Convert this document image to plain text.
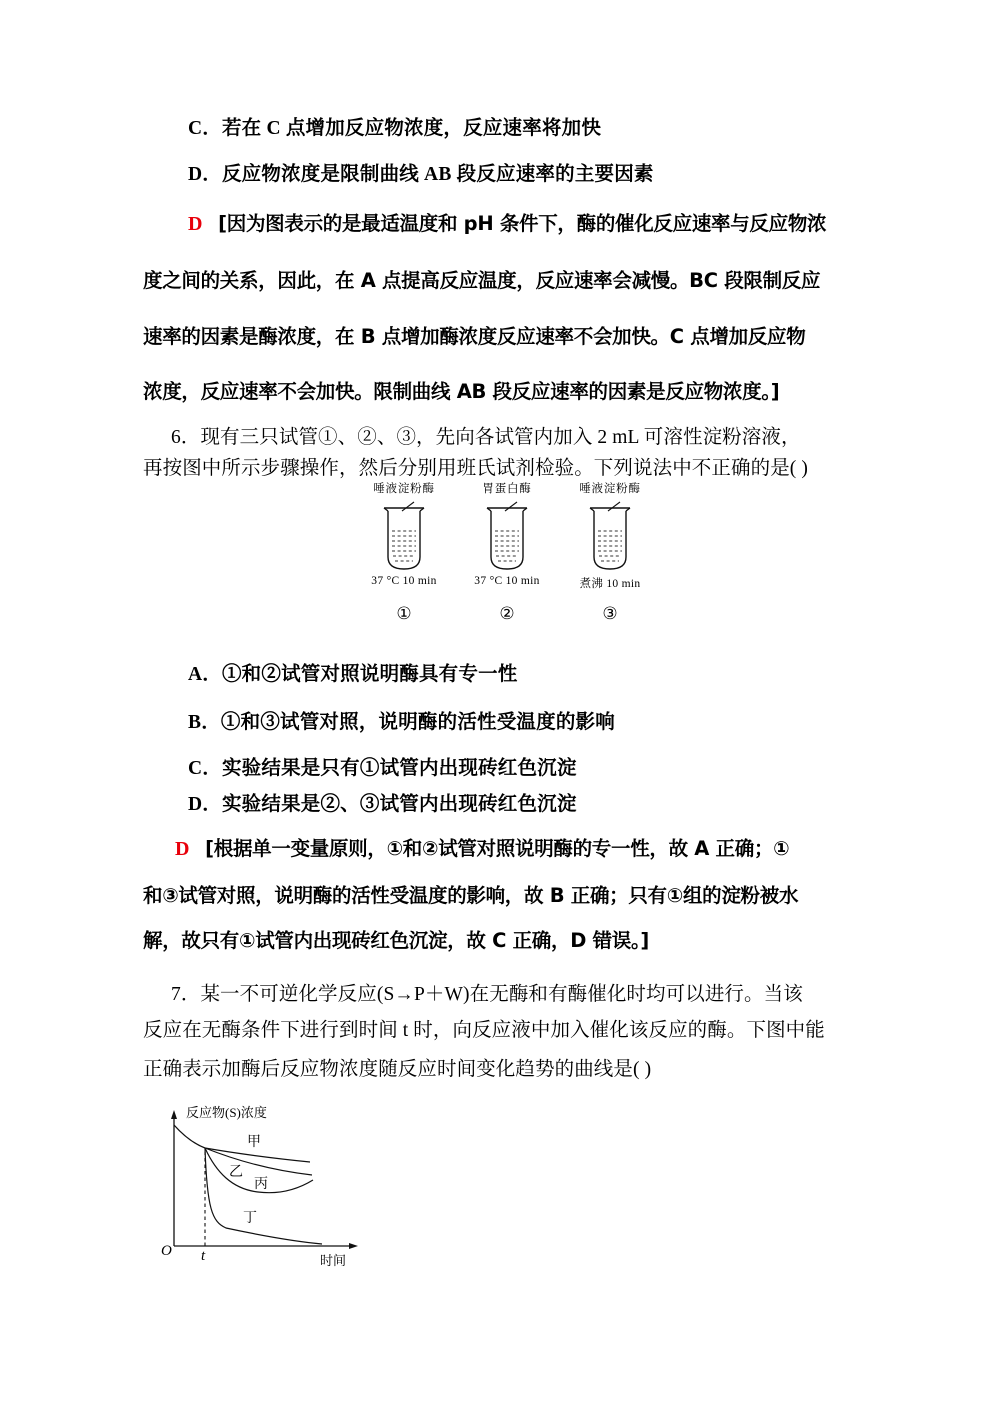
C．若在 C 点增加反应物浓度，反应速率将加快
D．反应物浓度是限制曲线 AB 段反应速率的主要因素
D [因为图表示的是最适温度和 pH 条件下，酶的催化反应速率与反应物浓
度之间的关系，因此，在 A 点提高反应温度，反应速率会减慢。BC 段限制反应
速率的因素是酶浓度，在 B 点增加酶浓度反应速率不会加快。C 点增加反应物
浓度，反应速率不会加快。限制曲线 AB 段反应速率的因素是反应物浓度。]
6．现有三只试管①、②、③，先向各试管内加入 2 mL 可溶性淀粉溶液，
再按图中所示步骤操作，然后分别用班氏试剂检验。下列说法中不正确的是( )
唾液淀粉酶
37 °C 10 min
①
胃蛋白酶
37 °C 10 min
②
唾液淀粉酶
煮沸 10 min
③
A．①和②试管对照说明酶具有专一性
B．①和③试管对照，说明酶的活性受温度的影响
C．实验结果是只有①试管内出现砖红色沉淀
D．实验结果是②、③试管内出现砖红色沉淀
D [根据单一变量原则，①和②试管对照说明酶的专一性，故 A 正确；①
和③试管对照，说明酶的活性受温度的影响，故 B 正确；只有①组的淀粉被水
解，故只有①试管内出现砖红色沉淀，故 C 正确，D 错误。]
7．某一不可逆化学反应(S→P＋W)在无酶和有酶催化时均可以进行。当该
反应在无酶条件下进行到时间 t 时，向反应液中加入催化该反应的酶。下图中能
正确表示加酶后反应物浓度随反应时间变化趋势的曲线是( )
反应物(S)浓度
时间
O t
甲
乙
丙
丁
